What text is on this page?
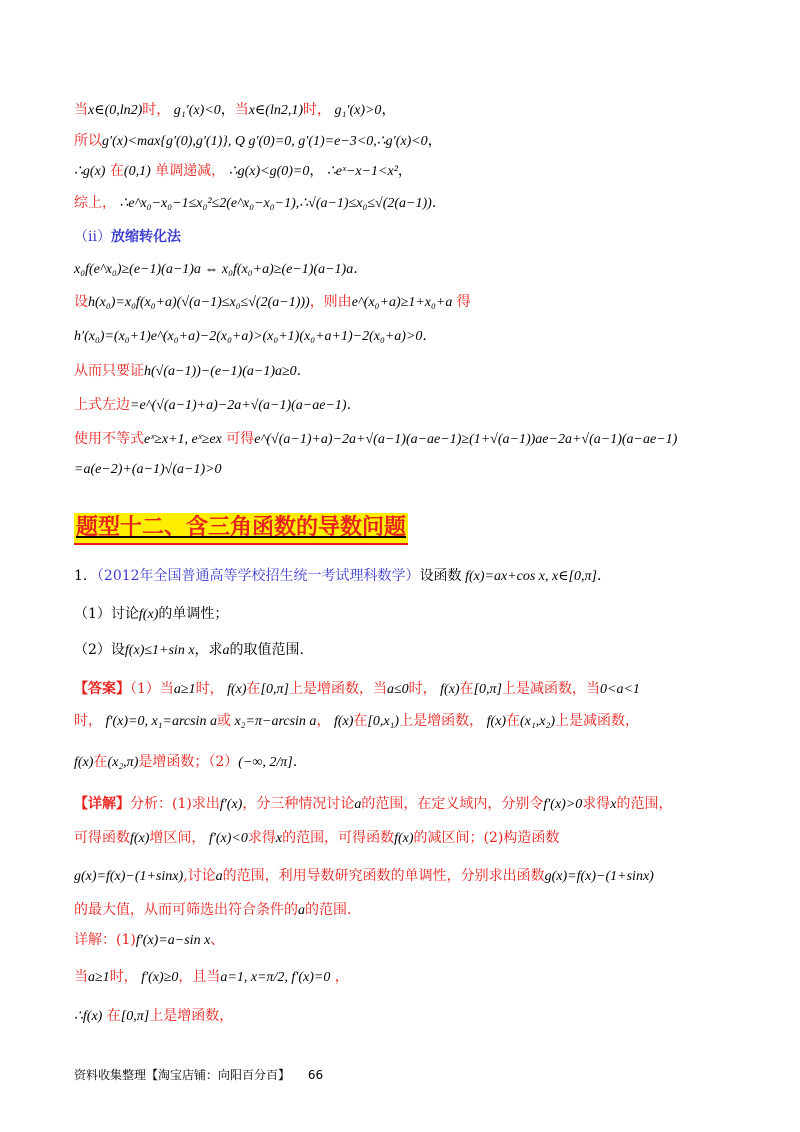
当x∈(0,ln2)时， g₁′(x)<0，当x∈(ln2,1)时， g₁′(x)>0，
所以g′(x)<max{g′(0),g′(1)}, Q g′(0)=0, g′(1)=e−3<0,∴g′(x)<0，
∴g(x) 在(0,1) 单调递减， ∴g(x)<g(0)=0， ∴eˣ−x−1<x²，
综上， ∴e^x₀−x₀−1≤x₀²≤2(e^x₀−x₀−1),∴√(a−1)≤x₀≤√(2(a−1)).
（ii）放缩转化法
x₀f(e^x₀)≥(e−1)(a−1)a ⇔ x₀f(x₀+a)≥(e−1)(a−1)a.
设h(x₀)=x₀f(x₀+a)(√(a−1)≤x₀≤√(2(a−1)))，则由e^(x₀+a)≥1+x₀+a 得
h′(x₀)=(x₀+1)e^(x₀+a)−2(x₀+a)>(x₀+1)(x₀+a+1)−2(x₀+a)>0.
从而只要证h(√(a−1))−(e−1)(a−1)a≥0.
上式左边=e^(√(a−1)+a)−2a+√(a−1)(a−ae−1).
使用不等式eˣ≥x+1, eˣ≥ex 可得e^(√(a−1)+a)−2a+√(a−1)(a−ae−1)≥(1+√(a−1))ae−2a+√(a−1)(a−ae−1)
=a(e−2)+(a−1)√(a−1)>0
1．（2012年全国普通高等学校招生统一考试理科数学）设函数 f(x)=ax+cos x, x∈[0,π].
（1）讨论f(x)的单调性；
（2）设f(x)≤1+sin x，求a的取值范围.
【答案】（1）当a≥1时， f(x)在[0,π]上是增函数，当a≤0时， f(x)在[0,π]上是减函数，当0<a<1
时， f′(x)=0, x₁=arcsin a或 x₂=π−arcsin a， f(x)在[0,x₁)上是增函数， f(x)在(x₁,x₂)上是减函数，
f(x)在(x₂,π)是增函数；（2）(−∞, 2/π].
【详解】分析：(1)求出f′(x)，分三种情况讨论a的范围，在定义域内，分别令f′(x)>0求得x的范围，
可得函数f(x)增区间， f′(x)<0求得x的范围，可得函数f(x)的减区间；(2)构造函数
g(x)=f(x)−(1+sinx),讨论a的范围，利用导数研究函数的单调性，分别求出函数g(x)=f(x)−(1+sinx)
的最大值，从而可筛选出符合条件的a的范围.
详解：(1)f′(x)=a−sin x、
当a≥1时， f′(x)≥0，且当a=1, x=π/2, f′(x)=0 ，
∴f(x) 在[0,π]上是增函数，
题型十二、含三角函数的导数问题
资料收集整理【淘宝店铺：向阳百分百】 66
